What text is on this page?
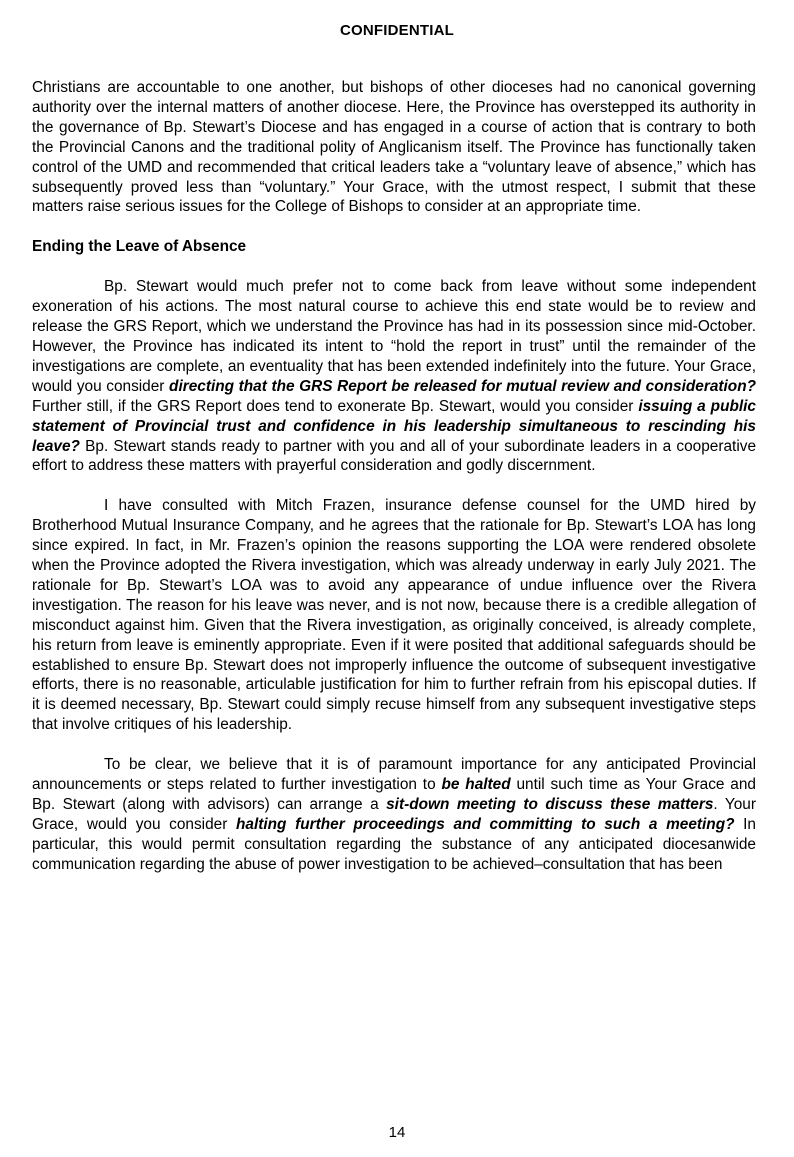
CONFIDENTIAL

Christians are accountable to one another, but bishops of other dioceses had no canonical governing authority over the internal matters of another diocese. Here, the Province has overstepped its authority in the governance of Bp. Stewart’s Diocese and has engaged in a course of action that is contrary to both the Provincial Canons and the traditional polity of Anglicanism itself. The Province has functionally taken control of the UMD and recommended that critical leaders take a “voluntary leave of absence,” which has subsequently proved less than “voluntary.” Your Grace, with the utmost respect, I submit that these matters raise serious issues for the College of Bishops to consider at an appropriate time.

Ending the Leave of Absence

Bp. Stewart would much prefer not to come back from leave without some independent exoneration of his actions. The most natural course to achieve this end state would be to review and release the GRS Report, which we understand the Province has had in its possession since mid-October. However, the Province has indicated its intent to “hold the report in trust” until the remainder of the investigations are complete, an eventuality that has been extended indefinitely into the future. Your Grace, would you consider directing that the GRS Report be released for mutual review and consideration? Further still, if the GRS Report does tend to exonerate Bp. Stewart, would you consider issuing a public statement of Provincial trust and confidence in his leadership simultaneous to rescinding his leave? Bp. Stewart stands ready to partner with you and all of your subordinate leaders in a cooperative effort to address these matters with prayerful consideration and godly discernment.

I have consulted with Mitch Frazen, insurance defense counsel for the UMD hired by Brotherhood Mutual Insurance Company, and he agrees that the rationale for Bp. Stewart’s LOA has long since expired. In fact, in Mr. Frazen’s opinion the reasons supporting the LOA were rendered obsolete when the Province adopted the Rivera investigation, which was already underway in early July 2021. The rationale for Bp. Stewart’s LOA was to avoid any appearance of undue influence over the Rivera investigation. The reason for his leave was never, and is not now, because there is a credible allegation of misconduct against him. Given that the Rivera investigation, as originally conceived, is already complete, his return from leave is eminently appropriate. Even if it were posited that additional safeguards should be established to ensure Bp. Stewart does not improperly influence the outcome of subsequent investigative efforts, there is no reasonable, articulable justification for him to further refrain from his episcopal duties. If it is deemed necessary, Bp. Stewart could simply recuse himself from any subsequent investigative steps that involve critiques of his leadership.

To be clear, we believe that it is of paramount importance for any anticipated Provincial announcements or steps related to further investigation to be halted until such time as Your Grace and Bp. Stewart (along with advisors) can arrange a sit-down meeting to discuss these matters. Your Grace, would you consider halting further proceedings and committing to such a meeting? In particular, this would permit consultation regarding the substance of any anticipated diocesanwide communication regarding the abuse of power investigation to be achieved–consultation that has been

14
